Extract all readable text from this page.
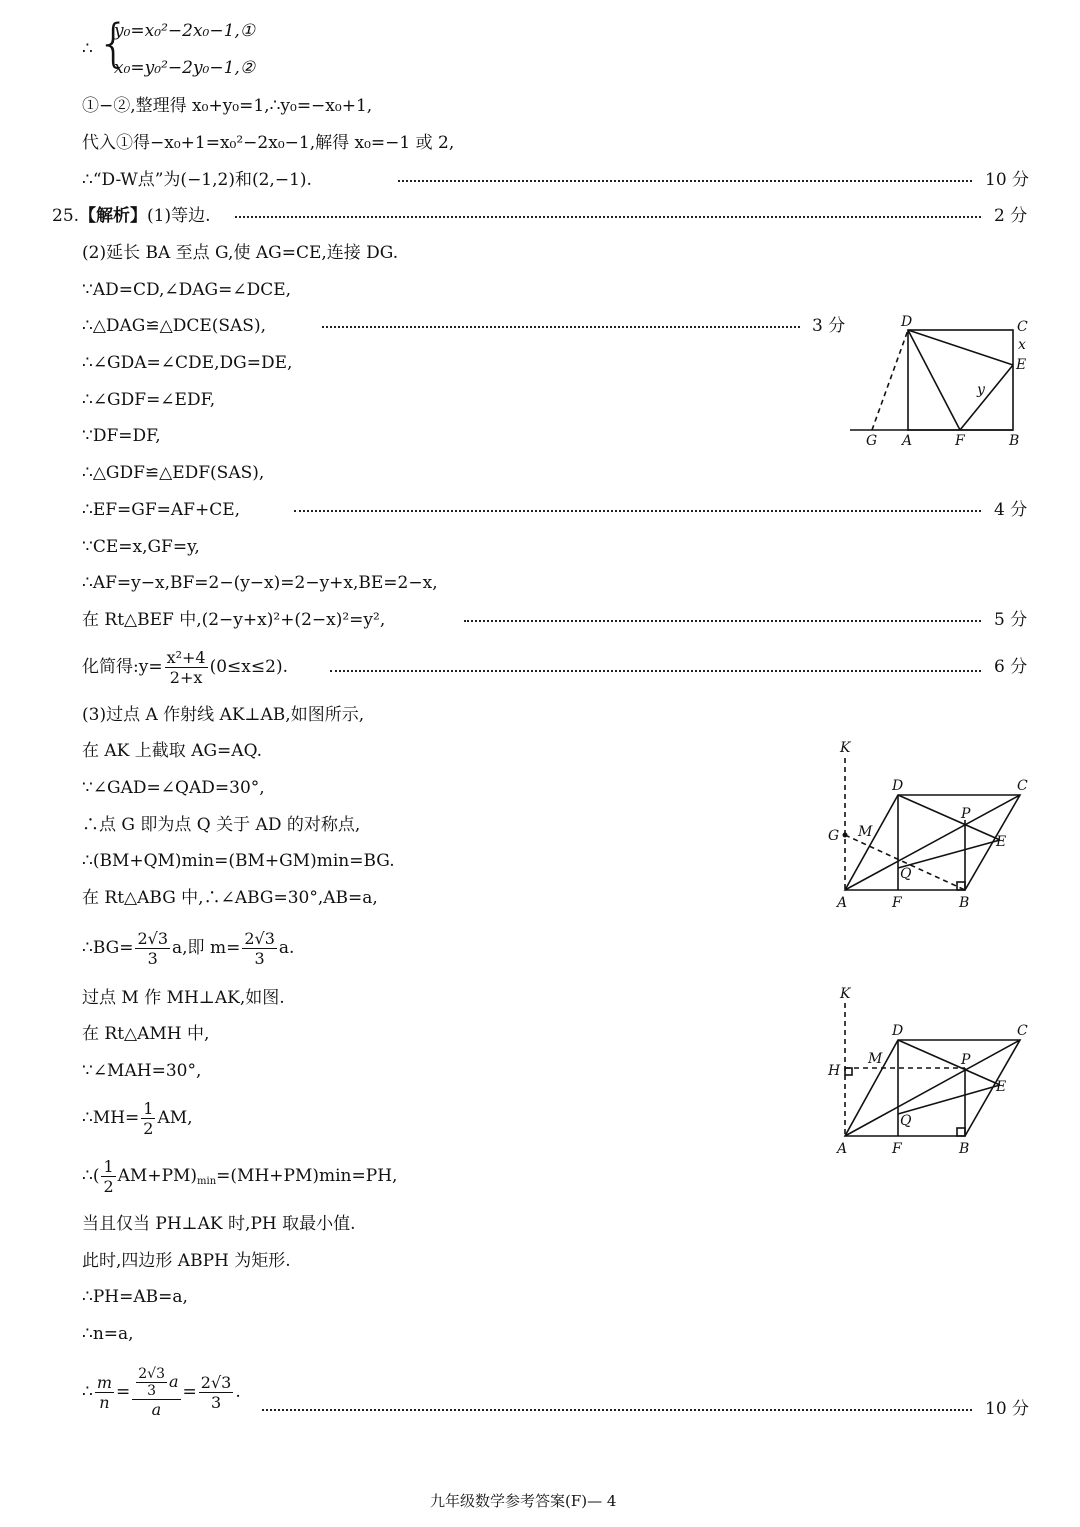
∴ {
y₀=x₀²−2x₀−1,①
x₀=y₀²−2y₀−1,②
①−②,整理得 x₀+y₀=1,∴y₀=−x₀+1,
代入①得−x₀+1=x₀²−2x₀−1,解得 x₀=−1 或 2,
∴“D-W点”为(−1,2)和(2,−1).	10 分
25.【解析】(1)等边.	2 分
(2)延长 BA 至点 G,使 AG=CE,连接 DG.
∵AD=CD,∠DAG=∠DCE,
∴△DAG≌△DCE(SAS),	3 分
∴∠GDA=∠CDE,DG=DE,
∴∠GDF=∠EDF,
∵DF=DF,
∴△GDF≌△EDF(SAS),
∴EF=GF=AF+CE,	4 分
∵CE=x,GF=y,
∴AF=y−x,BF=2−(y−x)=2−y+x,BE=2−x,
在 Rt△BEF 中,(2−y+x)²+(2−x)²=y²,	5 分
化简得:y= $\frac{\text{x²+4}}{2+x} (0\le x\le 2)$.	6 分
(3)过点 A 作射线 AK⊥AB,如图所示,
在 AK 上截取 AG=AQ.
∵∠GAD=∠QAD=30°,
∴点 G 即为点 Q 关于 AD 的对称点,
∴(BM+QM)min=(BM+GM)min=BG.
在 Rt△ABG 中,∴∠ABG=30°,AB=a,
∴BG= $\frac{2√3}{3} a$,即 $m= \frac{2√3}{3} a$.
过点 M 作 MH⊥AK,如图.
在 Rt△AMH 中,
∵∠MAH=30°,
∴MH= $\frac{1}{2}$ AM,
∴( $\frac{1}{2} AM+PM)_{min}=(MH+PM)\min=PH$,
当且仅当 PH⊥AK 时,PH 取最小值.
此时,四边形 ABPH 为矩形.
∴PH=AB=a,
∴n=a,
∴ $\frac{m}{n} = \frac{\frac{2√3}{3} a}{a} = \frac{2√3}{3}$ .
10 分
D	C
x
E
y
G A	F	B
K
D	C
P
G M
E
Q
A	F	B
K
D	C
M	P
H
E
Q
A	F	B
九年级数学参考答案(F)— 4
